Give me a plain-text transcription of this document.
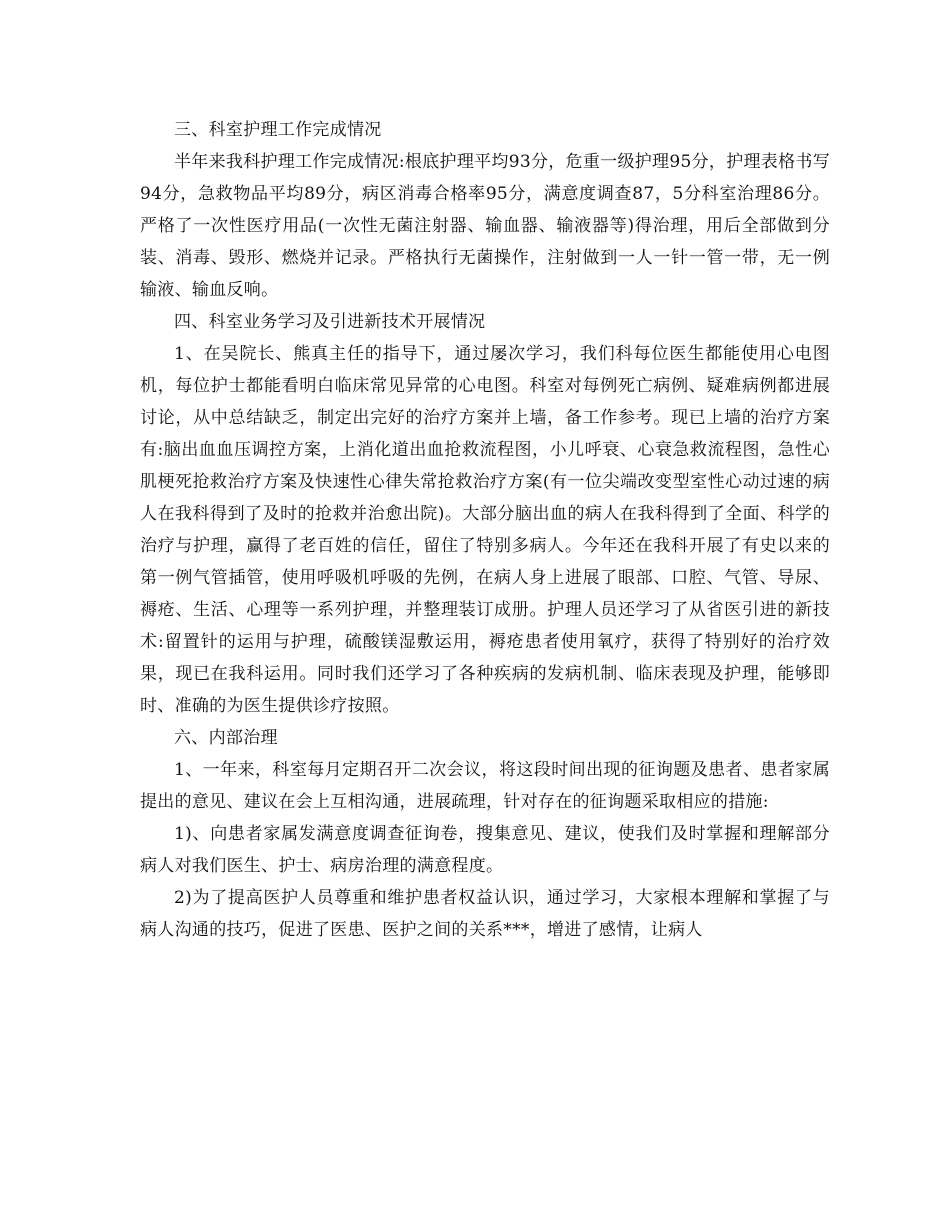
三、科室护理工作完成情况

半年来我科护理工作完成情况:根底护理平均93分，危重一级护理95分，护理表格书写94分，急救物品平均89分，病区消毒合格率95分，满意度调查87，5分科室治理86分。严格了一次性医疗用品(一次性无菌注射器、输血器、输液器等)得治理，用后全部做到分装、消毒、毁形、燃烧并记录。严格执行无菌操作，注射做到一人一针一管一带，无一例输液、输血反响。

四、科室业务学习及引进新技术开展情况

1、在吴院长、熊真主任的指导下，通过屡次学习，我们科每位医生都能使用心电图机，每位护士都能看明白临床常见异常的心电图。科室对每例死亡病例、疑难病例都进展讨论，从中总结缺乏，制定出完好的治疗方案并上墙，备工作参考。现已上墙的治疗方案有:脑出血血压调控方案，上消化道出血抢救流程图，小儿呼衰、心衰急救流程图，急性心肌梗死抢救治疗方案及快速性心律失常抢救治疗方案(有一位尖端改变型室性心动过速的病人在我科得到了及时的抢救并治愈出院)。大部分脑出血的病人在我科得到了全面、科学的治疗与护理，赢得了老百姓的信任，留住了特别多病人。今年还在我科开展了有史以来的第一例气管插管，使用呼吸机呼吸的先例，在病人身上进展了眼部、口腔、气管、导尿、褥疮、生活、心理等一系列护理，并整理装订成册。护理人员还学习了从省医引进的新技术:留置针的运用与护理，硫酸镁湿敷运用，褥疮患者使用氧疗，获得了特别好的治疗效果，现已在我科运用。同时我们还学习了各种疾病的发病机制、临床表现及护理，能够即时、准确的为医生提供诊疗按照。

六、内部治理

1、一年来，科室每月定期召开二次会议，将这段时间出现的征询题及患者、患者家属提出的意见、建议在会上互相沟通，进展疏理，针对存在的征询题采取相应的措施:

1)、向患者家属发满意度调查征询卷，搜集意见、建议，使我们及时掌握和理解部分病人对我们医生、护士、病房治理的满意程度。

2)为了提高医护人员尊重和维护患者权益认识，通过学习，大家根本理解和掌握了与病人沟通的技巧，促进了医患、医护之间的关系***，增进了感情，让病人
